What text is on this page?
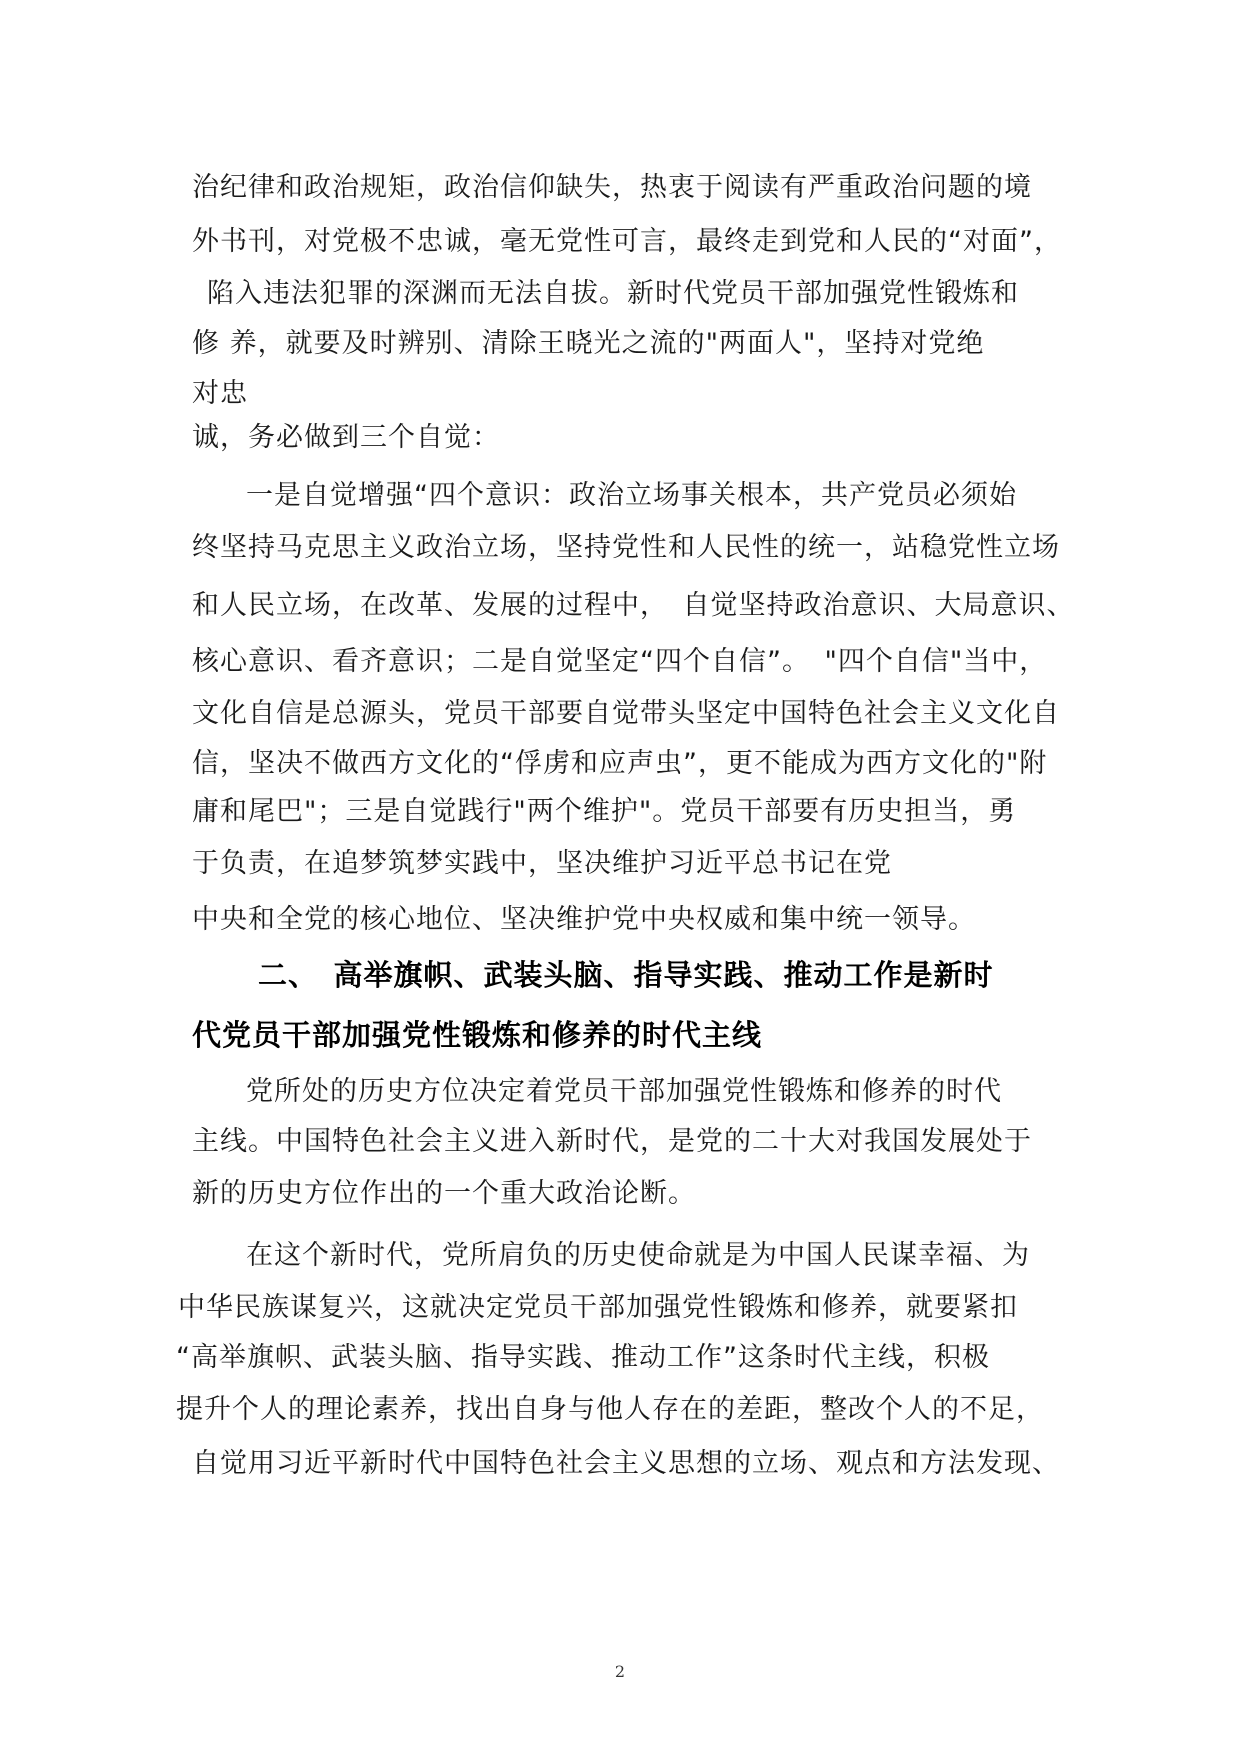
治纪律和政治规矩，政治信仰缺失，热衷于阅读有严重政治问题的境
外书刊，对党极不忠诚，毫无党性可言，最终走到党和人民的“对面”，
陷入违法犯罪的深渊而无法自拔。新时代党员干部加强党性锻炼和
修 养，就要及时辨别、清除王晓光之流的"两面人"，坚持对党绝
对忠
诚，务必做到三个自觉：
一是自觉增强“四个意识：政治立场事关根本，共产党员必须始
终坚持马克思主义政治立场，坚持党性和人民性的统一，站稳党性立场
和人民立场，在改革、发展的过程中，　自觉坚持政治意识、大局意识、
核心意识、看齐意识；二是自觉坚定“四个自信”。　"四个自信"当中，
文化自信是总源头，党员干部要自觉带头坚定中国特色社会主义文化自
信，坚决不做西方文化的“俘虏和应声虫”，更不能成为西方文化的"附
庸和尾巴"；三是自觉践行"两个维护"。党员干部要有历史担当，勇
于负责，在追梦筑梦实践中，坚决维护习近平总书记在党
中央和全党的核心地位、坚决维护党中央权威和集中统一领导。
二、　高举旗帜、武装头脑、指导实践、推动工作是新时
代党员干部加强党性锻炼和修养的时代主线
党所处的历史方位决定着党员干部加强党性锻炼和修养的时代
主线。中国特色社会主义进入新时代，是党的二十大对我国发展处于
新的历史方位作出的一个重大政治论断。
在这个新时代，党所肩负的历史使命就是为中国人民谋幸福、为
中华民族谋复兴，这就决定党员干部加强党性锻炼和修养，就要紧扣
“高举旗帜、武装头脑、指导实践、推动工作”这条时代主线，积极
提升个人的理论素养，找出自身与他人存在的差距，整改个人的不足，
自觉用习近平新时代中国特色社会主义思想的立场、观点和方法发现、
2
